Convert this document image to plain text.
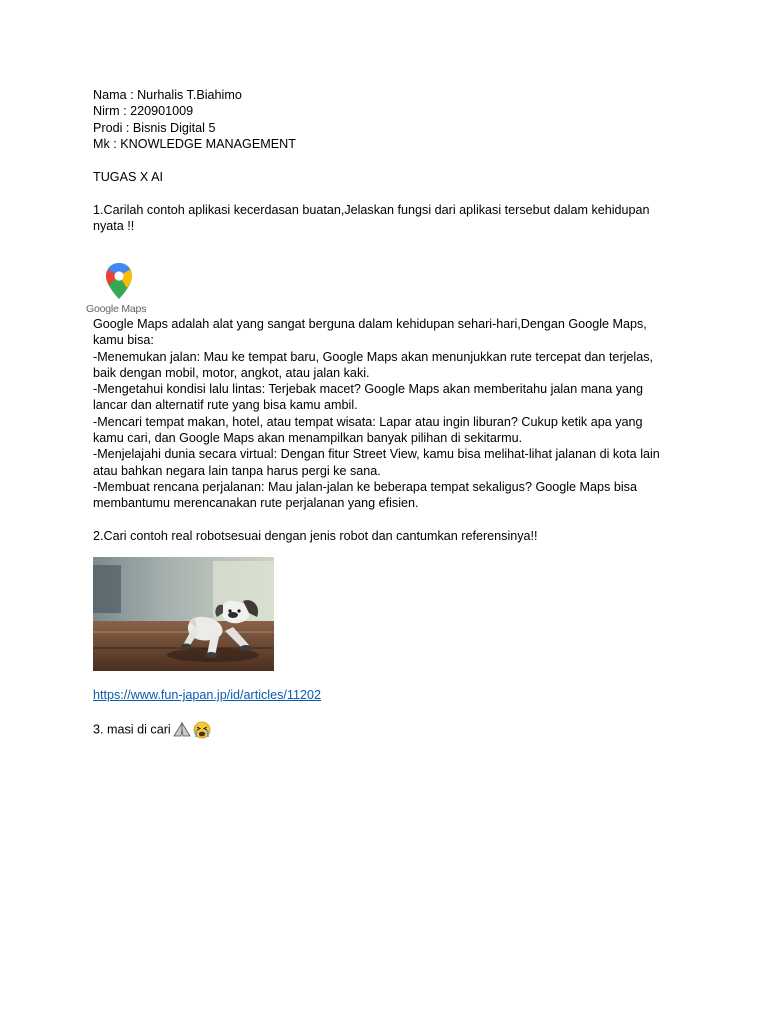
Nama : Nurhalis T.Biahimo
Nirm : 220901009
Prodi : Bisnis Digital 5
Mk : KNOWLEDGE MANAGEMENT
TUGAS X AI
1.Carilah contoh aplikasi kecerdasan buatan,Jelaskan fungsi dari aplikasi tersebut dalam kehidupan nyata !!
Google Maps

Google Maps adalah alat yang sangat berguna dalam kehidupan sehari-hari,Dengan Google Maps, kamu bisa:

-Menemukan jalan: Mau ke tempat baru, Google Maps akan menunjukkan rute tercepat dan terjelas, baik dengan mobil, motor, angkot, atau jalan kaki.

-Mengetahui kondisi lalu lintas: Terjebak macet? Google Maps akan memberitahu jalan mana yang lancar dan alternatif rute yang bisa kamu ambil.

-Mencari tempat makan, hotel, atau tempat wisata: Lapar atau ingin liburan? Cukup ketik apa yang kamu cari, dan Google Maps akan menampilkan banyak pilihan di sekitarmu.

-Menjelajahi dunia secara virtual: Dengan fitur Street View, kamu bisa melihat-lihat jalanan di kota lain atau bahkan negara lain tanpa harus pergi ke sana.

-Membuat rencana perjalanan: Mau jalan-jalan ke beberapa tempat sekaligus? Google Maps bisa membantumu merencanakan rute perjalanan yang efisien.

2.Cari contoh real robotsesuai dengan jenis robot dan cantumkan referensinya!!
https://www.fun-japan.jp/id/articles/11202
3. masi di cari
